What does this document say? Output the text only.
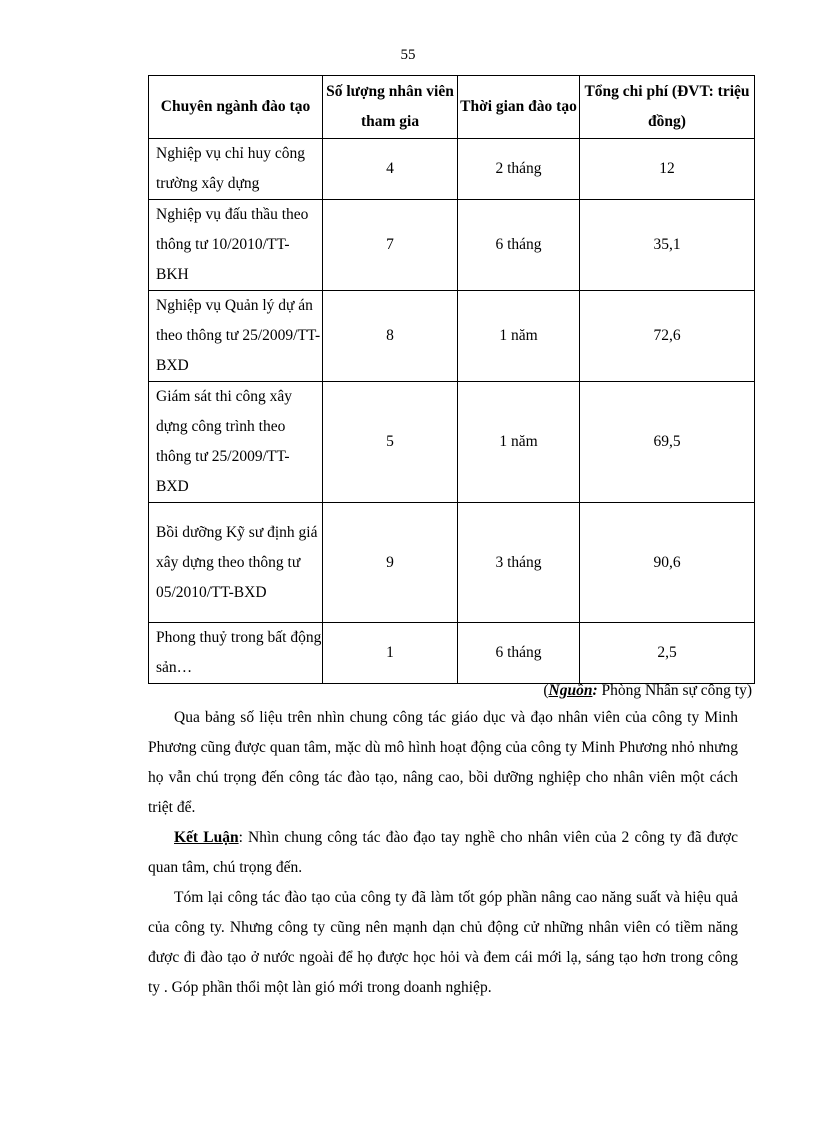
55
Chuyên ngành đào tạo	Số lượng nhân viên tham gia	Thời gian đào tạo	Tổng chi phí (ĐVT: triệu đồng)
Nghiệp vụ chỉ huy công trường xây dựng	4	2 tháng	12
Nghiệp vụ đấu thầu theo thông tư 10/2010/TT-BKH	7	6 tháng	35,1
Nghiệp vụ Quản lý dự án theo thông tư 25/2009/TT-BXD	8	1 năm	72,6
Giám sát thi công xây dựng công trình theo thông tư 25/2009/TT-BXD	5	1 năm	69,5
Bồi dưỡng Kỹ sư định giá xây dựng theo thông tư 05/2010/TT-BXD	9	3 tháng	90,6
Phong thuỷ trong bất động sản…	1	6 tháng	2,5
(Nguồn: Phòng Nhân sự công ty)

Qua bảng số liệu trên nhìn chung công tác giáo dục và đạo nhân viên của công ty Minh Phương cũng được quan tâm, mặc dù mô hình hoạt động của công ty Minh Phương nhỏ nhưng họ vẫn chú trọng đến công tác đào tạo, nâng cao, bồi dưỡng nghiệp cho nhân viên một cách triệt để.

Kết Luận: Nhìn chung công tác đào đạo tay nghề cho nhân viên của 2 công ty đã được quan tâm, chú trọng đến.

Tóm lại công tác đào tạo của công ty đã làm tốt góp phần nâng cao năng suất và hiệu quả của công ty. Nhưng công ty cũng nên mạnh dạn chủ động cử những nhân viên có tiềm năng được đi đào tạo ở nước ngoài để họ được học hỏi và đem cái mới lạ, sáng tạo hơn trong công ty . Góp phần thổi một làn gió mới trong doanh nghiệp.
